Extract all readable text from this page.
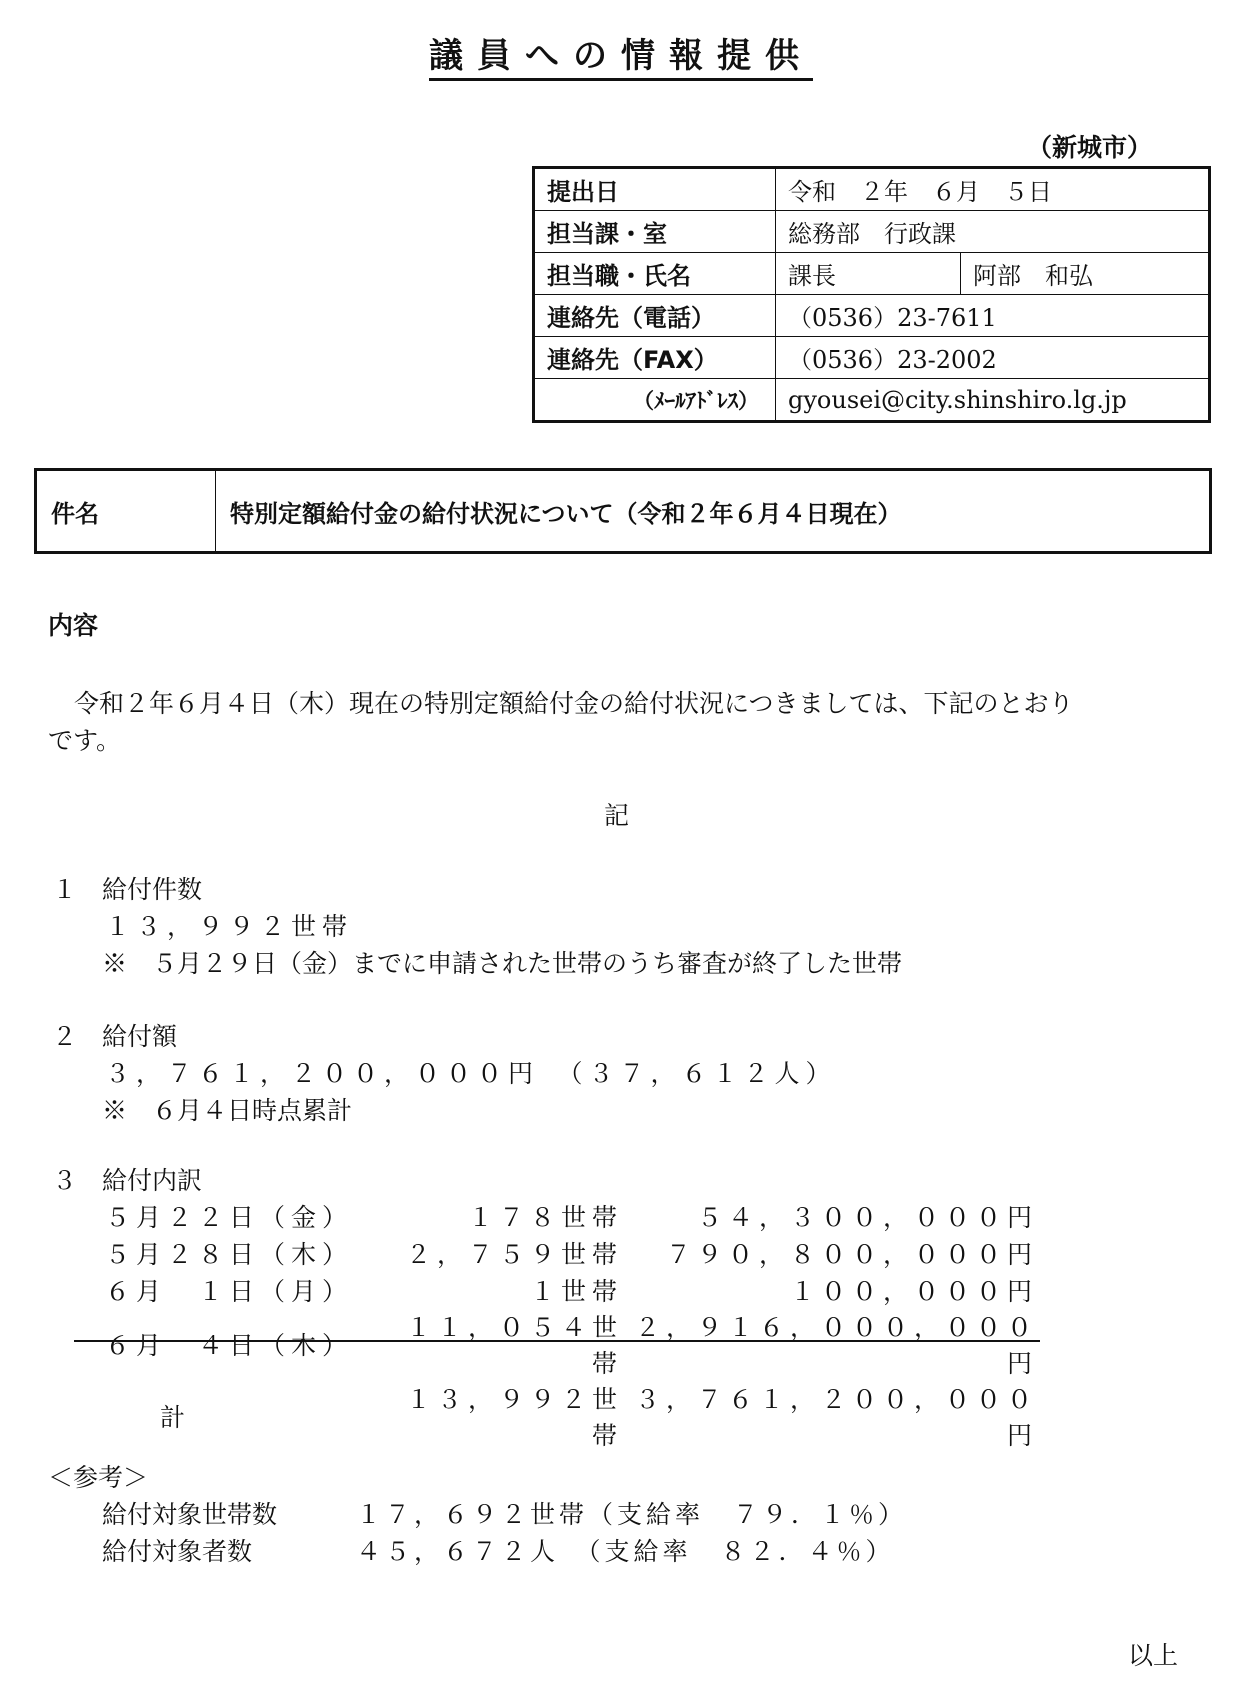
議員への情報提供
（新城市）
提出日	令和　２年　６月　５日	
担当課・室	総務部　行政課	
担当職・氏名	課長	阿部　和弘
連絡先（電話）	（0536）23-7611	
連絡先（FAX）	（0536）23-2002	
（ﾒｰﾙｱﾄﾞﾚｽ）	gyousei@city.shinshiro.lg.jp	
件名	特別定額給付金の給付状況について（令和２年６月４日現在）
内容
令和２年６月４日（木）現在の特別定額給付金の給付状況につきましては、下記のとおり
です。
記
１　給付件数
１３，９９２世帯
※　５月２９日（金）までに申請された世帯のうち審査が終了した世帯
２　給付額
３，７６１，２００，０００円　（３７，６１２人）
※　６月４日時点累計
３　給付内訳
５月２２日（金）	１７８世帯	５４，３００，０００円
５月２８日（木）	２，７５９世帯	７９０，８００，０００円
６月　１日（月）	１世帯	１００，０００円
６月　４日（木）	１１，０５４世帯	２，９１６，０００，０００円
計	１３，９９２世帯	３，７６１，２００，０００円
＜参考＞
給付対象世帯数	１７，６９２世帯（支給率　７９．１％）
給付対象者数	４５，６７２人　（支給率　８２．４％）
以上
